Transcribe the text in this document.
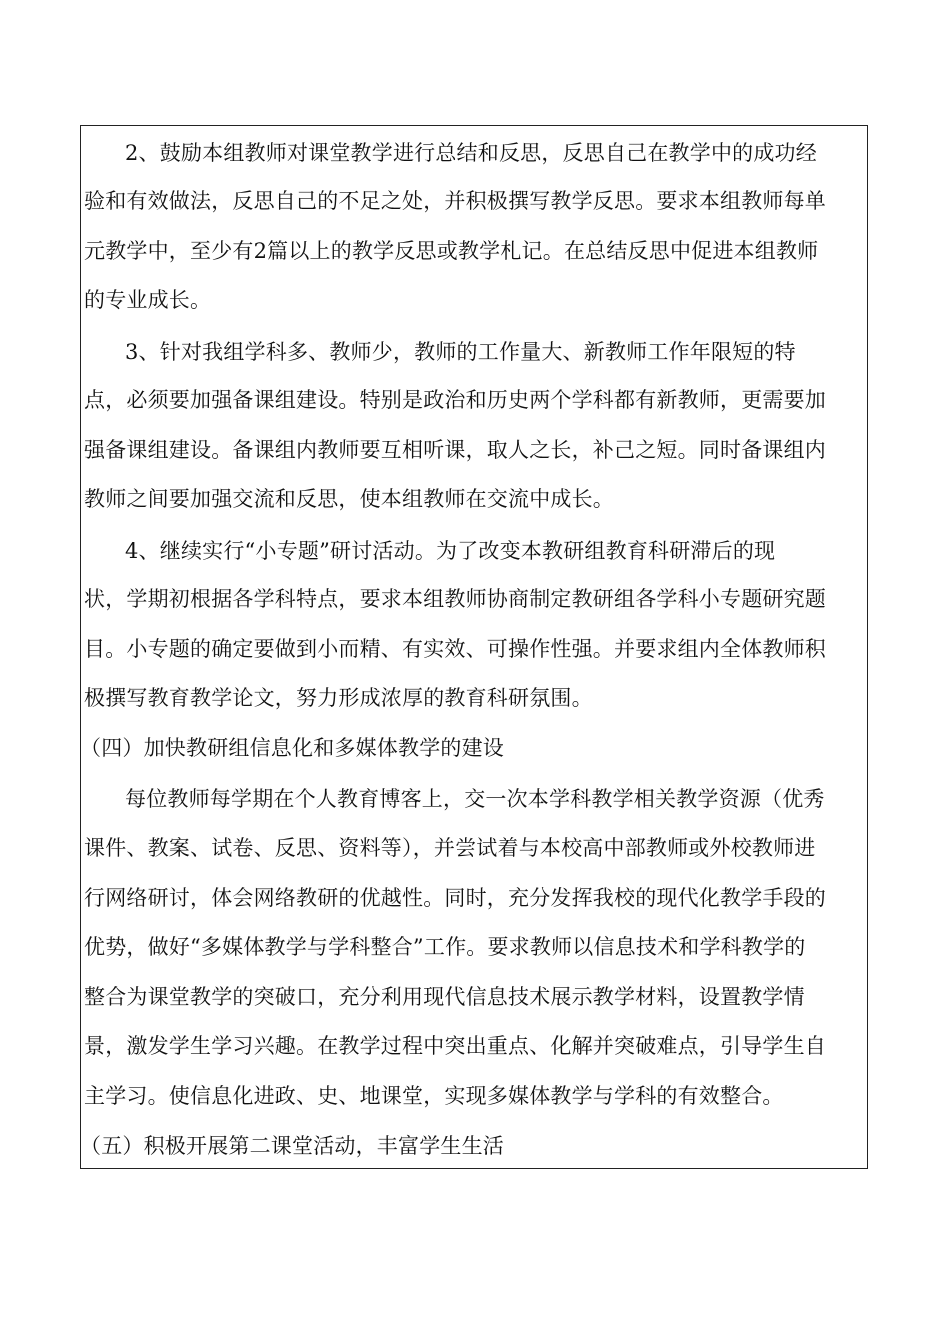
2、鼓励本组教师对课堂教学进行总结和反思，反思自己在教学中的成功经
验和有效做法，反思自己的不足之处，并积极撰写教学反思。要求本组教师每单
元教学中，至少有2篇以上的教学反思或教学札记。在总结反思中促进本组教师
的专业成长。
3、针对我组学科多、教师少，教师的工作量大、新教师工作年限短的特
点，必须要加强备课组建设。特别是政治和历史两个学科都有新教师，更需要加
强备课组建设。备课组内教师要互相听课，取人之长，补己之短。同时备课组内
教师之间要加强交流和反思，使本组教师在交流中成长。
4、继续实行“小专题”研讨活动。为了改变本教研组教育科研滞后的现
状，学期初根据各学科特点，要求本组教师协商制定教研组各学科小专题研究题
目。小专题的确定要做到小而精、有实效、可操作性强。并要求组内全体教师积
极撰写教育教学论文，努力形成浓厚的教育科研氛围。
（四）加快教研组信息化和多媒体教学的建设
每位教师每学期在个人教育博客上，交一次本学科教学相关教学资源（优秀
课件、教案、试卷、反思、资料等），并尝试着与本校高中部教师或外校教师进
行网络研讨，体会网络教研的优越性。同时，充分发挥我校的现代化教学手段的
优势，做好“多媒体教学与学科整合”工作。要求教师以信息技术和学科教学的
整合为课堂教学的突破口，充分利用现代信息技术展示教学材料，设置教学情
景，激发学生学习兴趣。在教学过程中突出重点、化解并突破难点，引导学生自
主学习。使信息化进政、史、地课堂，实现多媒体教学与学科的有效整合。
（五）积极开展第二课堂活动，丰富学生生活
